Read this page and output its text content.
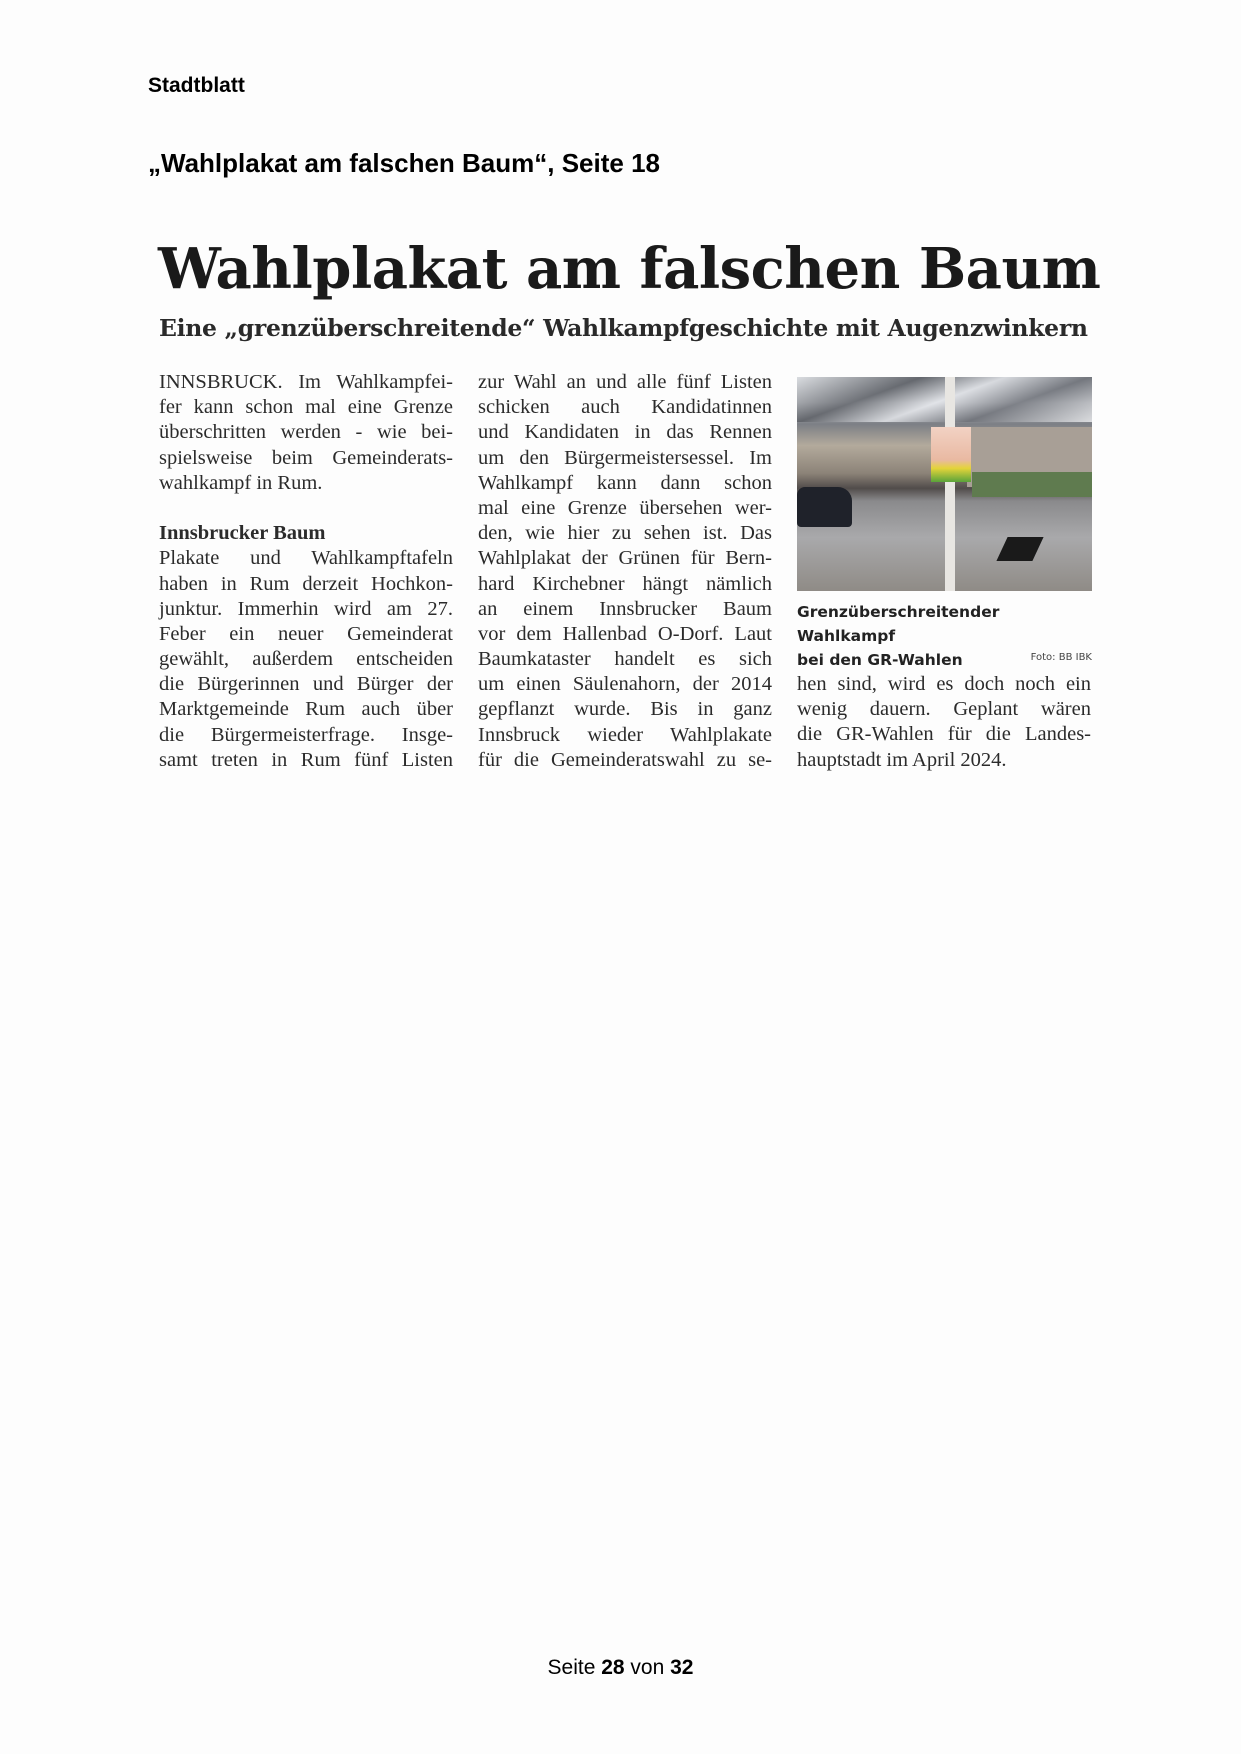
Stadtblatt
„Wahlplakat am falschen Baum“, Seite 18
Wahlplakat am falschen Baum
Eine „grenzüberschreitende“ Wahlkampfgeschichte mit Augenzwinkern
INNSBRUCK. Im Wahlkampfei-
fer kann schon mal eine Grenze
überschritten werden - wie bei-
spielsweise beim Gemeinderats-
wahlkampf in Rum.
Innsbrucker Baum
Plakate und Wahlkampftafeln
haben in Rum derzeit Hochkon-
junktur. Immerhin wird am 27.
Feber ein neuer Gemeinderat
gewählt, außerdem entscheiden
die Bürgerinnen und Bürger der
Marktgemeinde Rum auch über
die Bürgermeisterfrage. Insge-
samt treten in Rum fünf Listen
zur Wahl an und alle fünf Listen
schicken auch Kandidatinnen
und Kandidaten in das Rennen
um den Bürgermeistersessel. Im
Wahlkampf kann dann schon
mal eine Grenze übersehen wer-
den, wie hier zu sehen ist. Das
Wahlplakat der Grünen für Bern-
hard Kirchebner hängt nämlich
an einem Innsbrucker Baum
vor dem Hallenbad O-Dorf. Laut
Baumkataster handelt es sich
um einen Säulenahorn, der 2014
gepflanzt wurde. Bis in ganz
Innsbruck wieder Wahlplakate
für die Gemeinderatswahl zu se-
Grenzüberschreitender Wahlkampf
bei den GR-Wahlen	Foto: BB IBK
hen sind, wird es doch noch ein
wenig dauern. Geplant wären
die GR-Wahlen für die Landes-
hauptstadt im April 2024.
Seite 28 von 32
